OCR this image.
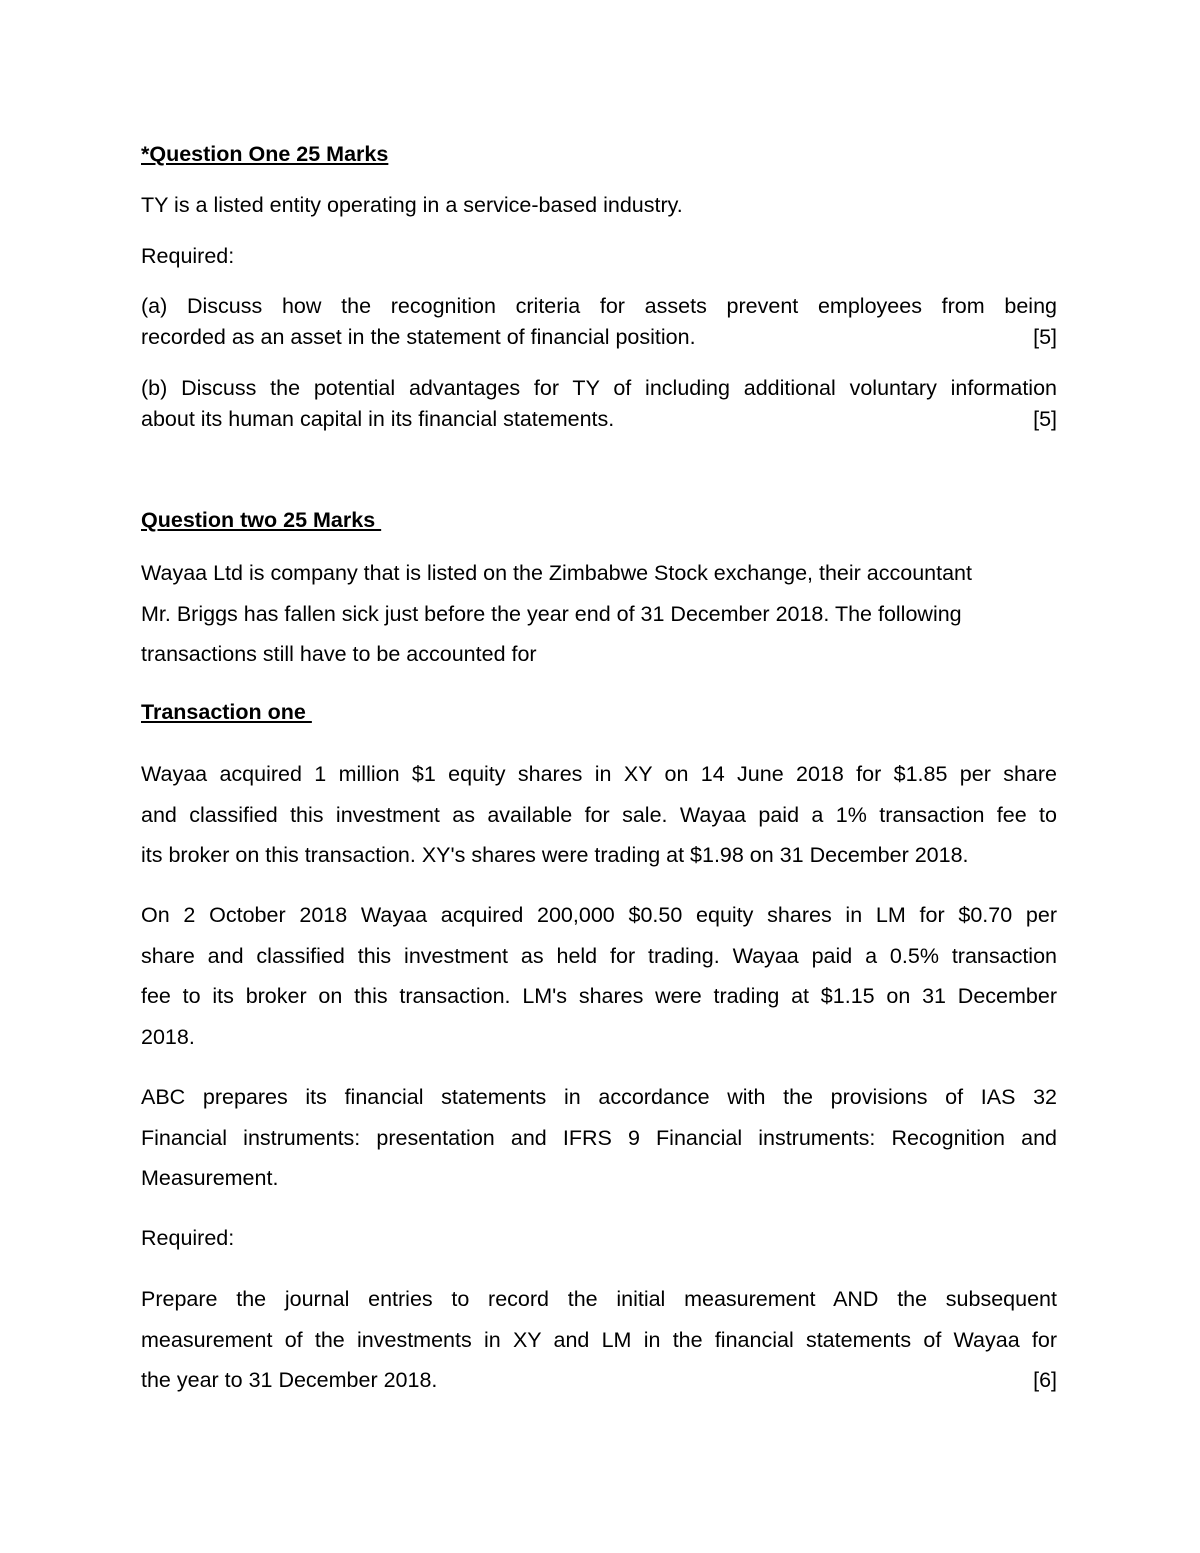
*Question One 25 Marks

TY is a listed entity operating in a service-based industry.

Required:

(a) Discuss how the recognition criteria for assets prevent employees from being
recorded as an asset in the statement of financial position.	[5]
(b) Discuss the potential advantages for TY of including additional voluntary information
about its human capital in its financial statements.	[5]

Question two 25 Marks

Wayaa Ltd is company that is listed on the Zimbabwe Stock exchange, their accountant
Mr. Briggs has fallen sick just before the year end of 31 December 2018. The following
transactions still have to be accounted for

Transaction one

Wayaa acquired 1 million $1 equity shares in XY on 14 June 2018 for $1.85 per share
and classified this investment as available for sale. Wayaa paid a 1% transaction fee to
its broker on this transaction. XY's shares were trading at $1.98 on 31 December 2018.
On 2 October 2018 Wayaa acquired 200,000 $0.50 equity shares in LM for $0.70 per
share and classified this investment as held for trading. Wayaa paid a 0.5% transaction
fee to its broker on this transaction. LM's shares were trading at $1.15 on 31 December
2018.
ABC prepares its financial statements in accordance with the provisions of IAS 32
Financial instruments: presentation and IFRS 9 Financial instruments: Recognition and
Measurement.

Required:

Prepare the journal entries to record the initial measurement AND the subsequent
measurement of the investments in XY and LM in the financial statements of Wayaa for
the year to 31 December 2018.	[6]
